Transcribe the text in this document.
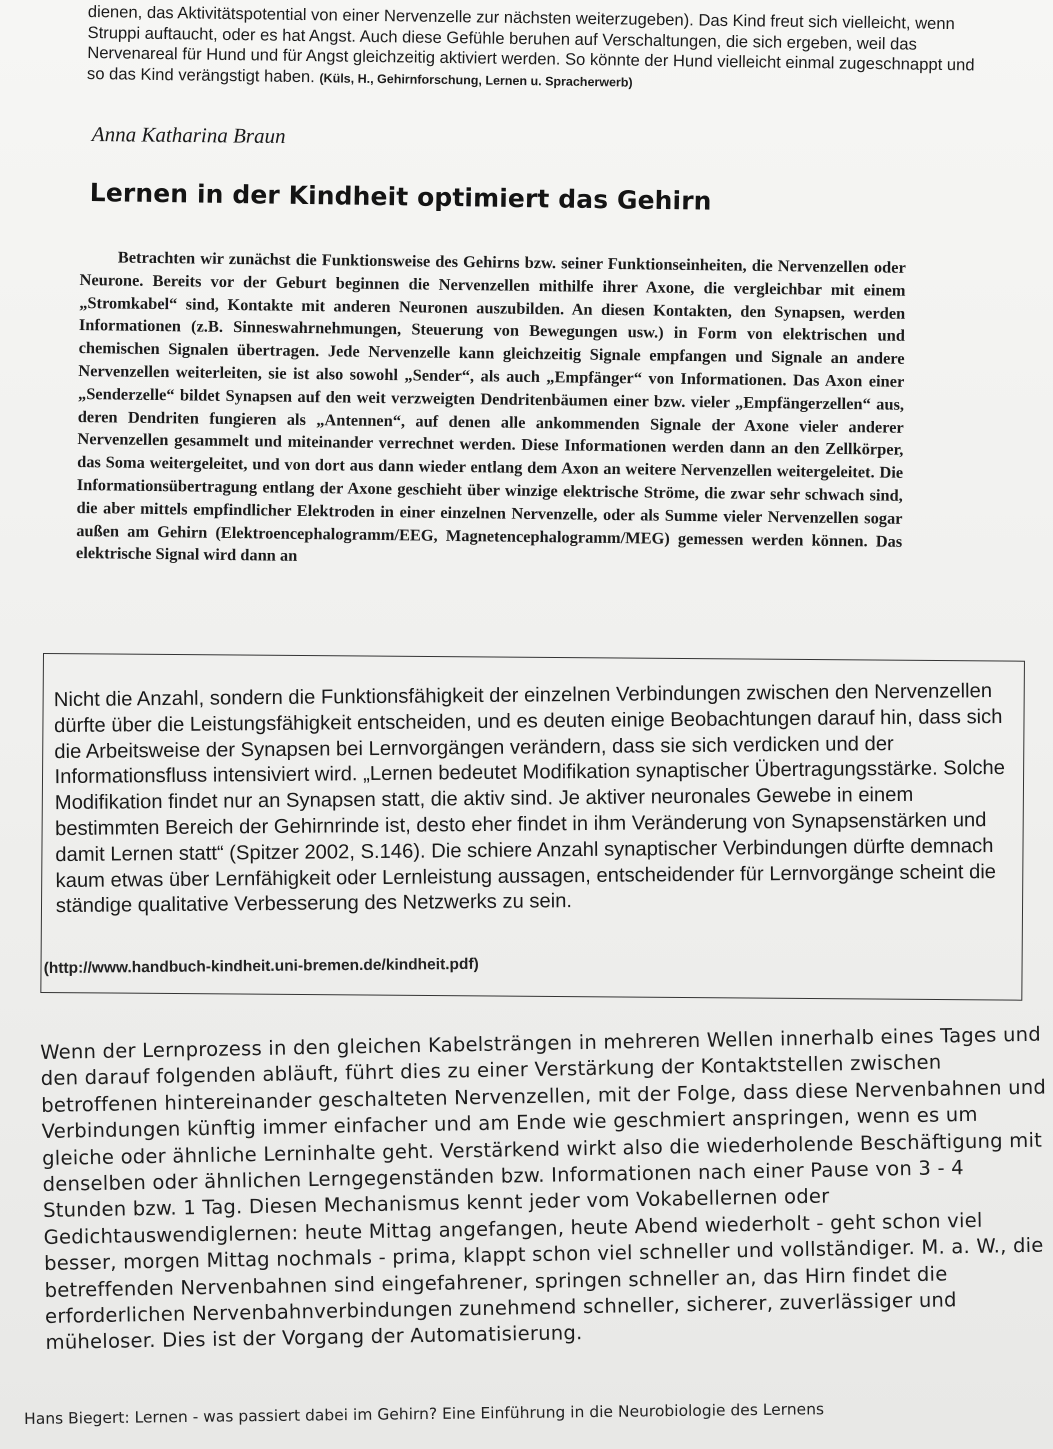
dienen, das Aktivitätspotential von einer Nervenzelle zur nächsten weiterzugeben). Das Kind freut sich vielleicht, wenn Struppi auftaucht, oder es hat Angst. Auch diese Gefühle beruhen auf Verschaltungen, die sich ergeben, weil das Nervenareal für Hund und für Angst gleichzeitig aktiviert werden. So könnte der Hund vielleicht einmal zugeschnappt und so das Kind verängstigt haben. (Küls, H., Gehirnforschung, Lernen u. Spracherwerb)
Anna Katharina Braun
Lernen in der Kindheit optimiert das Gehirn

Betrachten wir zunächst die Funktionsweise des Gehirns bzw. seiner Funktionseinheiten, die Nervenzellen oder Neurone. Bereits vor der Geburt beginnen die Nervenzellen mithilfe ihrer Axone, die vergleichbar mit einem „Stromkabel“ sind, Kontakte mit anderen Neuronen auszubilden. An diesen Kontakten, den Synapsen, werden Informationen (z.B. Sinneswahrnehmungen, Steuerung von Bewegungen usw.) in Form von elektrischen und chemischen Signalen übertragen. Jede Nervenzelle kann gleichzeitig Signale empfangen und Signale an andere Nervenzellen weiterleiten, sie ist also sowohl „Sender“, als auch „Empfänger“ von Informationen. Das Axon einer „Senderzelle“ bildet Synapsen auf den weit verzweigten Dendritenbäumen einer bzw. vieler „Empfängerzellen“ aus, deren Dendriten fungieren als „Antennen“, auf denen alle ankommenden Signale der Axone vieler anderer Nervenzellen gesammelt und miteinander verrechnet werden. Diese Informationen werden dann an den Zellkörper, das Soma weitergeleitet, und von dort aus dann wieder entlang dem Axon an weitere Nervenzellen weitergeleitet. Die Informationsübertragung entlang der Axone geschieht über winzige elektrische Ströme, die zwar sehr schwach sind, die aber mittels empfindlicher Elektroden in einer einzelnen Nervenzelle, oder als Summe vieler Nervenzellen sogar außen am Gehirn (Elektroencephalogramm/EEG, Magnetencephalogramm/MEG) gemessen werden können. Das elektrische Signal wird dann an

Nicht die Anzahl, sondern die Funktionsfähigkeit der einzelnen Verbindungen zwischen den Nervenzellen dürfte über die Leistungsfähigkeit entscheiden, und es deuten einige Beobachtungen darauf hin, dass sich die Arbeitsweise der Synapsen bei Lernvorgängen verändern, dass sie sich verdicken und der Informationsfluss intensiviert wird. „Lernen bedeutet Modifikation synaptischer Übertragungsstärke. Solche Modifikation findet nur an Synapsen statt, die aktiv sind. Je aktiver neuronales Gewebe in einem bestimmten Bereich der Gehirnrinde ist, desto eher findet in ihm Veränderung von Synapsenstärken und damit Lernen statt“ (Spitzer 2002, S.146). Die schiere Anzahl synaptischer Verbindungen dürfte demnach kaum etwas über Lernfähigkeit oder Lernleistung aussagen, entscheidender für Lernvorgänge scheint die ständige qualitative Verbesserung des Netzwerks zu sein.

(http://www.handbuch-kindheit.uni-bremen.de/kindheit.pdf)

Wenn der Lernprozess in den gleichen Kabelsträngen in mehreren Wellen innerhalb eines Tages und den darauf folgenden abläuft, führt dies zu einer Verstärkung der Kontaktstellen zwischen betroffenen hintereinander geschalteten Nervenzellen, mit der Folge, dass diese Nervenbahnen und Verbindungen künftig immer einfacher und am Ende wie geschmiert anspringen, wenn es um gleiche oder ähnliche Lerninhalte geht. Verstärkend wirkt also die wiederholende Beschäftigung mit denselben oder ähnlichen Lerngegenständen bzw. Informationen nach einer Pause von 3 - 4 Stunden bzw. 1 Tag. Diesen Mechanismus kennt jeder vom Vokabellernen oder Gedichtauswendiglernen: heute Mittag angefangen, heute Abend wiederholt - geht schon viel besser, morgen Mittag nochmals - prima, klappt schon viel schneller und vollständiger. M. a. W., die betreffenden Nervenbahnen sind eingefahrener, springen schneller an, das Hirn findet die erforderlichen Nervenbahnverbindungen zunehmend schneller, sicherer, zuverlässiger und müheloser. Dies ist der Vorgang der Automatisierung.

Hans Biegert: Lernen - was passiert dabei im Gehirn? Eine Einführung in die Neurobiologie des Lernens
